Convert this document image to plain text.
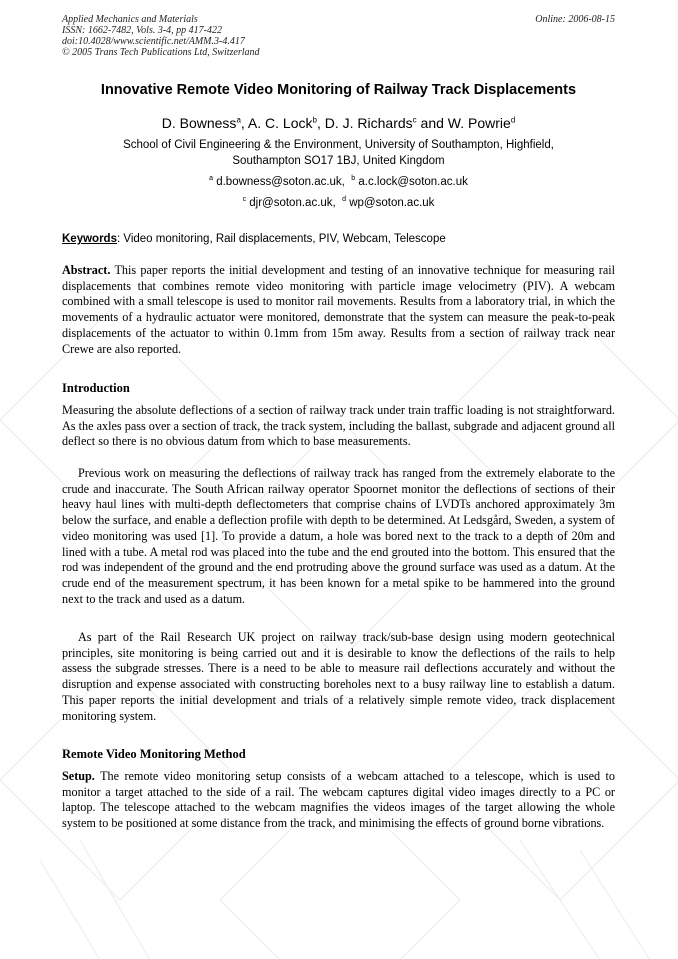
Applied Mechanics and Materials
ISSN: 1662-7482, Vols. 3-4, pp 417-422
doi:10.4028/www.scientific.net/AMM.3-4.417
© 2005 Trans Tech Publications Ltd, Switzerland
Online: 2006-08-15
Innovative Remote Video Monitoring of Railway Track Displacements
D. Bowness$^a$, A. C. Lock$^b$, D. J. Richards$^c$ and W. Powrie$^d$
School of Civil Engineering & the Environment, University of Southampton, Highfield,
Southampton SO17 1BJ, United Kingdom
$^a$ d.bowness@soton.ac.uk, $^b$ a.c.lock@soton.ac.uk
$^c$ djr@soton.ac.uk, $^d$ wp@soton.ac.uk
Keywords: Video monitoring, Rail displacements, PIV, Webcam, Telescope
Abstract. This paper reports the initial development and testing of an innovative technique for measuring rail displacements that combines remote video monitoring with particle image velocimetry (PIV). A webcam combined with a small telescope is used to monitor rail movements. Results from a laboratory trial, in which the movements of a hydraulic actuator were monitored, demonstrate that the system can measure the peak-to-peak displacements of the actuator to within 0.1mm from 15m away. Results from a section of railway track near Crewe are also reported.
Introduction
Measuring the absolute deflections of a section of railway track under train traffic loading is not straightforward. As the axles pass over a section of track, the track system, including the ballast, subgrade and adjacent ground all deflect so there is no obvious datum from which to base measurements.
Previous work on measuring the deflections of railway track has ranged from the extremely elaborate to the crude and inaccurate. The South African railway operator Spoornet monitor the deflections of sections of their heavy haul lines with multi-depth deflectometers that comprise chains of LVDTs anchored approximately 3m below the surface, and enable a deflection profile with depth to be determined. At Ledsgård, Sweden, a system of video monitoring was used [1]. To provide a datum, a hole was bored next to the track to a depth of 20m and lined with a tube. A metal rod was placed into the tube and the end grouted into the bottom. This ensured that the rod was independent of the ground and the end protruding above the ground surface was used as a datum. At the crude end of the measurement spectrum, it has been known for a metal spike to be hammered into the ground next to the track and used as a datum.
As part of the Rail Research UK project on railway track/sub-base design using modern geotechnical principles, site monitoring is being carried out and it is desirable to know the deflections of the rails to help assess the subgrade stresses. There is a need to be able to measure rail deflections accurately and without the disruption and expense associated with constructing boreholes next to a busy railway line to establish a datum. This paper reports the initial development and trials of a relatively simple remote video, track displacement monitoring system.
Remote Video Monitoring Method
Setup. The remote video monitoring setup consists of a webcam attached to a telescope, which is used to monitor a target attached to the side of a rail. The webcam captures digital video images directly to a PC or laptop. The telescope attached to the webcam magnifies the videos images of the target allowing the whole system to be positioned at some distance from the track, and minimising the effects of ground borne vibrations.
